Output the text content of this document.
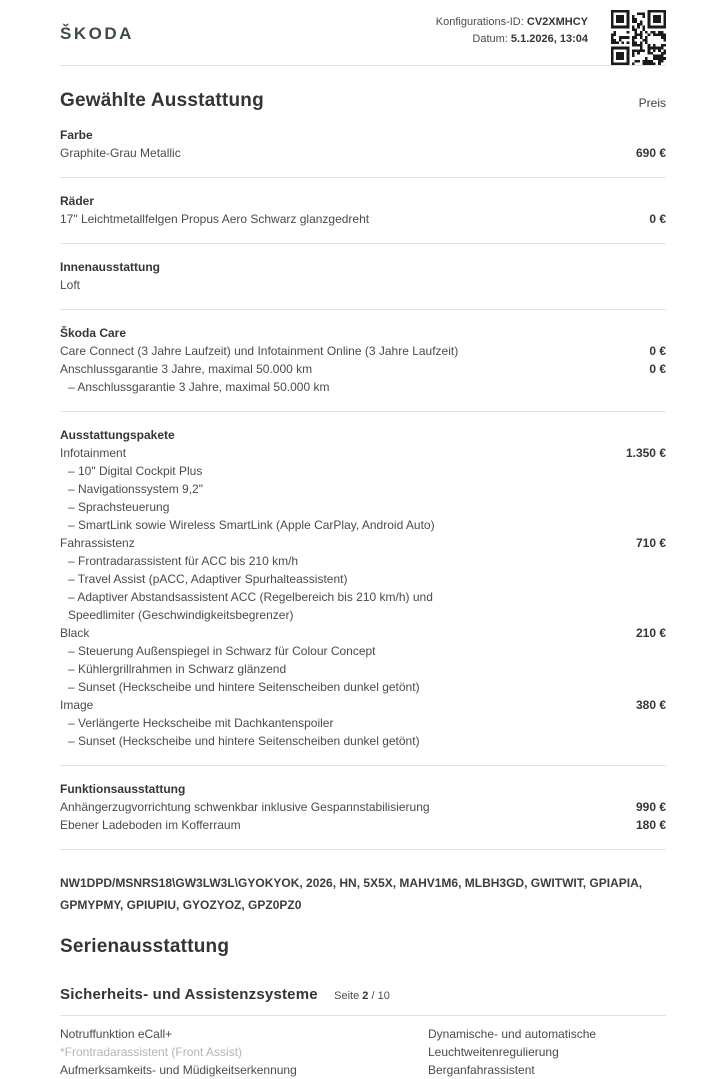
ŠKODA
Konfigurations-ID: CV2XMHCY
Datum: 5.1.2026, 13:04
Gewählte Ausstattung	Preis
Farbe
Graphite-Grau Metallic	690 €
Räder
17" Leichtmetallfelgen Propus Aero Schwarz glanzgedreht	0 €
Innenausstattung
Loft
Škoda Care
Care Connect (3 Jahre Laufzeit) und Infotainment Online (3 Jahre Laufzeit)	0 €
Anschlussgarantie 3 Jahre, maximal 50.000 km	0 €
– Anschlussgarantie 3 Jahre, maximal 50.000 km
Ausstattungspakete
Infotainment	1.350 €
– 10" Digital Cockpit Plus
– Navigationssystem 9,2"
– Sprachsteuerung
– SmartLink sowie Wireless SmartLink (Apple CarPlay, Android Auto)
Fahrassistenz	710 €
– Frontradarassistent für ACC bis 210 km/h
– Travel Assist (pACC, Adaptiver Spurhalteassistent)
– Adaptiver Abstandsassistent ACC (Regelbereich bis 210 km/h) und Speedlimiter (Geschwindigkeitsbegrenzer)
Black	210 €
– Steuerung Außenspiegel in Schwarz für Colour Concept
– Kühlergrillrahmen in Schwarz glänzend
– Sunset (Heckscheibe und hintere Seitenscheiben dunkel getönt)
Image	380 €
– Verlängerte Heckscheibe mit Dachkantenspoiler
– Sunset (Heckscheibe und hintere Seitenscheiben dunkel getönt)
Funktionsausstattung
Anhängerzugvorrichtung schwenkbar inklusive Gespannstabilisierung	990 €
Ebener Ladeboden im Kofferraum	180 €

NW1DPD/MSNRS18\GW3LW3L\GYOKYOK, 2026, HN, 5X5X, MAHV1M6, MLBH3GD, GWITWIT, GPIAPIA, GPMYPMY, GPIUPIU, GYOZYOZ, GPZ0PZ0

Serienausstattung
Sicherheits- und Assistenzsysteme
Notruffunktion eCall+
*Frontradarassistent (Front Assist)
Aufmerksamkeits- und Müdigkeitserkennung
Dynamische- und automatische Leuchtweitenregulierung
Berganfahrassistent
Seite 2 / 10
